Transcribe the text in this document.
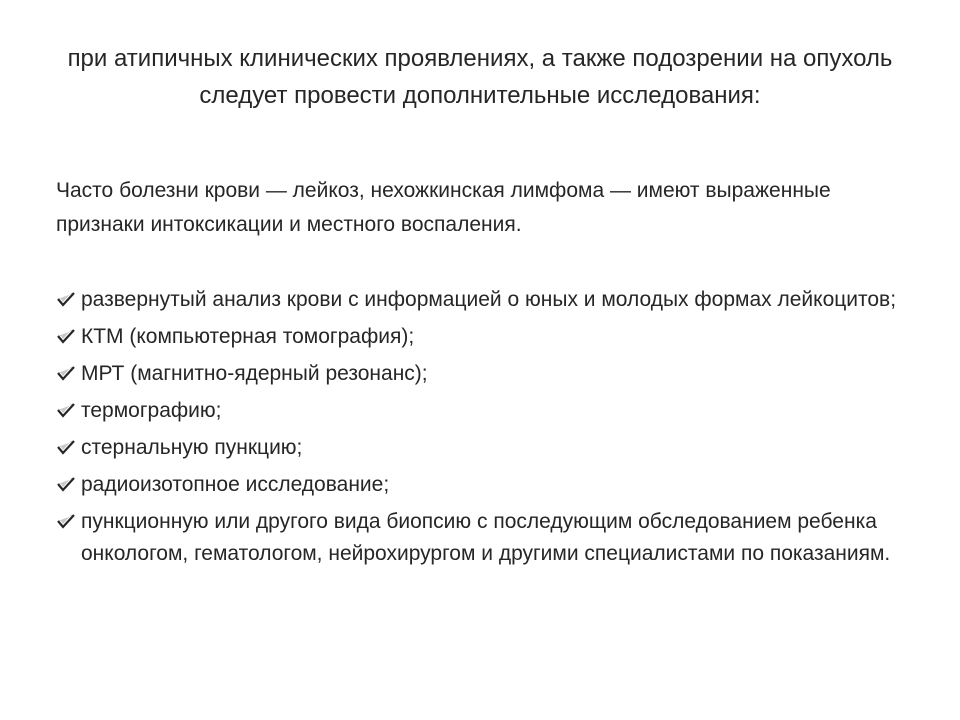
при атипичных клинических проявлениях, а также подозрении на опухоль следует провести дополнительные исследования:
Часто болезни крови — лейкоз, нехожкинская лимфома — имеют выраженные признаки интоксикации и местного воспаления.
развернутый анализ крови с информацией о юных и молодых формах лейкоцитов;
КТМ (компьютерная томография);
МРТ (магнитно-ядерный резонанс);
термографию;
стернальную пункцию;
радиоизотопное исследование;
пункционную или другого вида биопсию с последующим обследованием ребенка онкологом, гематологом, нейрохирургом и другими специалистами по показаниям.
